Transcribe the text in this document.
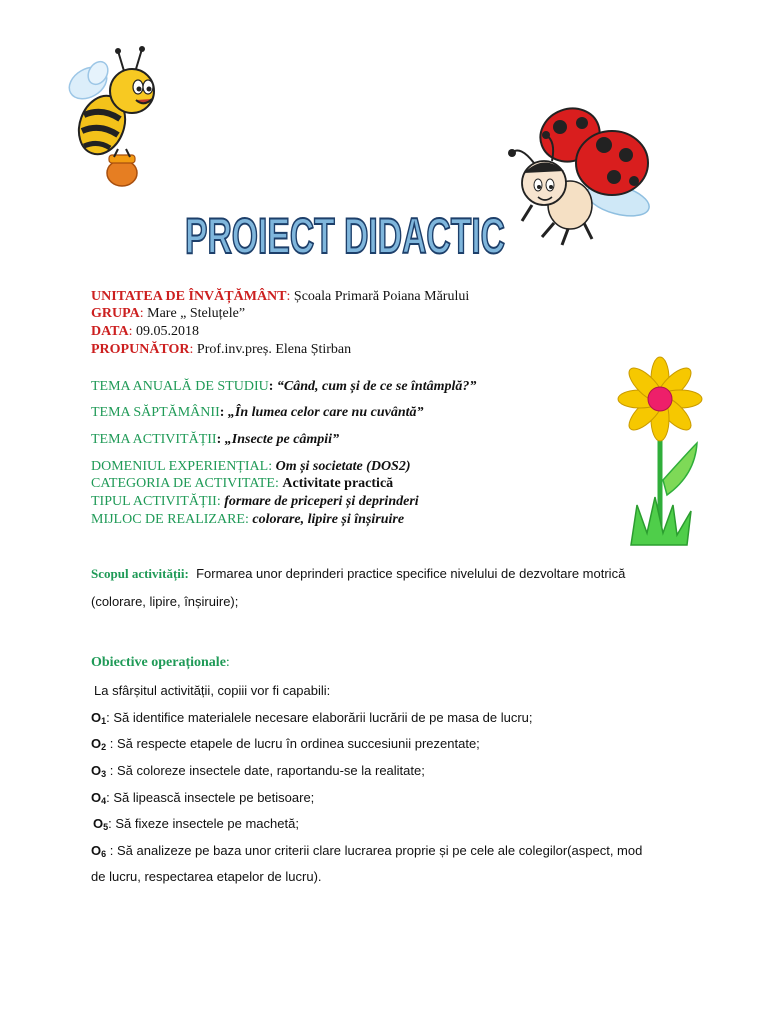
PROIECT DIDACTIC
UNITATEA DE ÎNVĂȚĂMÂNT: Școala Primară Poiana Mărului
GRUPA: Mare „ Steluțele”
DATA: 09.05.2018
PROPUNĂTOR: Prof.inv.preș. Elena Știrban
TEMA ANUALĂ DE STUDIU: “Când, cum și de ce se întâmplă?”
TEMA SĂPTĂMÂNII: „În lumea celor care nu cuvântă”
TEMA ACTIVITĂȚII: „Insecte pe câmpii”
DOMENIUL EXPERIENȚIAL: Om și societate (DOS2)
CATEGORIA DE ACTIVITATE: Activitate practică
TIPUL ACTIVITĂȚII: formare de priceperi și deprinderi
MIJLOC DE REALIZARE: colorare, lipire și înșiruire
Scopul activității: Formarea unor deprinderi practice specifice nivelului de dezvoltare motrică
(colorare, lipire, înșiruire);
Obiective operaționale:
La sfârșitul activității, copiii vor fi capabili:
$O_1$: Să identifice materialele necesare elaborării lucrării de pe masa de lucru;
$O_2$ : Să respecte etapele de lucru în ordinea succesiunii prezentate;
$O_3$ : Să coloreze insectele date, raportandu-se la realitate;
$O_4$: Să lipească insectele pe betisoare;
$O_5$: Să fixeze insectele pe machetă;
$O_6$ : Să analizeze pe baza unor criterii clare lucrarea proprie și pe cele ale colegilor(aspect, mod
de lucru, respectarea etapelor de lucru).
